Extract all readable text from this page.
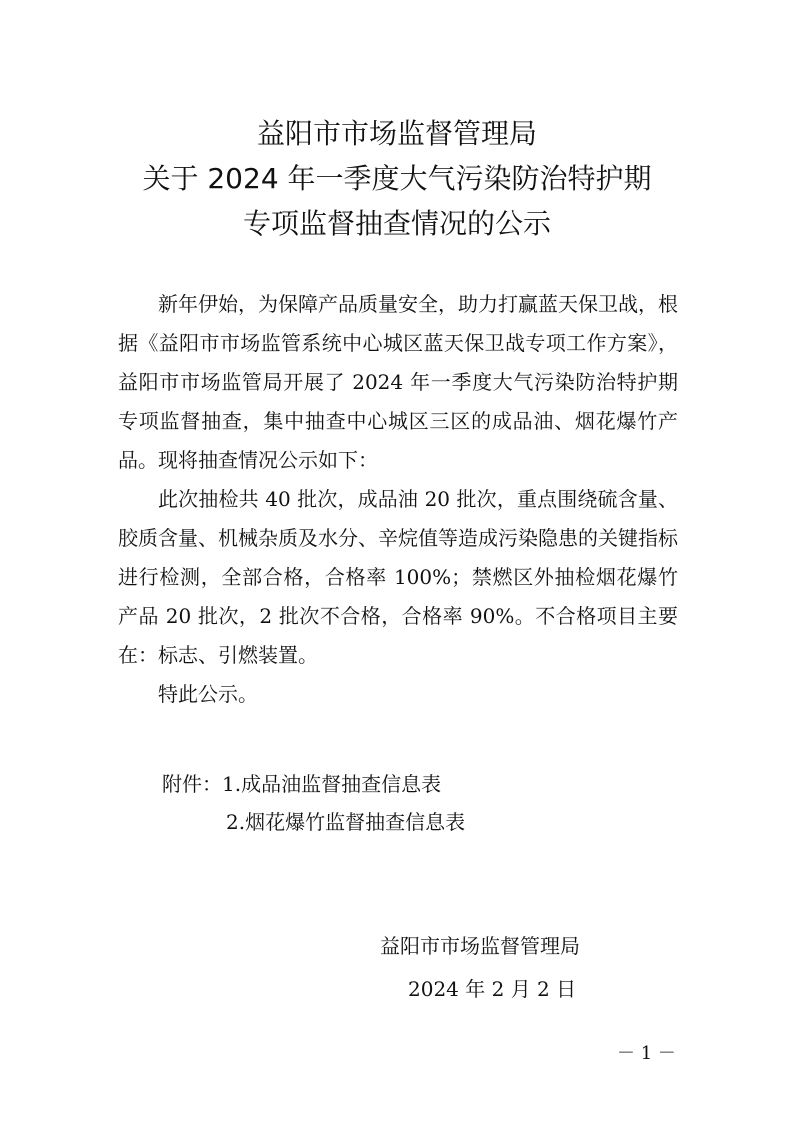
益阳市市场监督管理局
关于 2024 年一季度大气污染防治特护期
专项监督抽查情况的公示

新年伊始，为保障产品质量安全，助力打赢蓝天保卫战，根据《益阳市市场监管系统中心城区蓝天保卫战专项工作方案》，益阳市市场监管局开展了 2024 年一季度大气污染防治特护期专项监督抽查，集中抽查中心城区三区的成品油、烟花爆竹产品。现将抽查情况公示如下：

此次抽检共 40 批次，成品油 20 批次，重点围绕硫含量、胶质含量、机械杂质及水分、辛烷值等造成污染隐患的关键指标进行检测，全部合格，合格率 100%；禁燃区外抽检烟花爆竹产品 20 批次，2 批次不合格，合格率 90%。不合格项目主要在：标志、引燃装置。

特此公示。

附件：1.成品油监督抽查信息表
2.烟花爆竹监督抽查信息表
益阳市市场监督管理局
2024 年 2 月 2 日
－ 1 －
